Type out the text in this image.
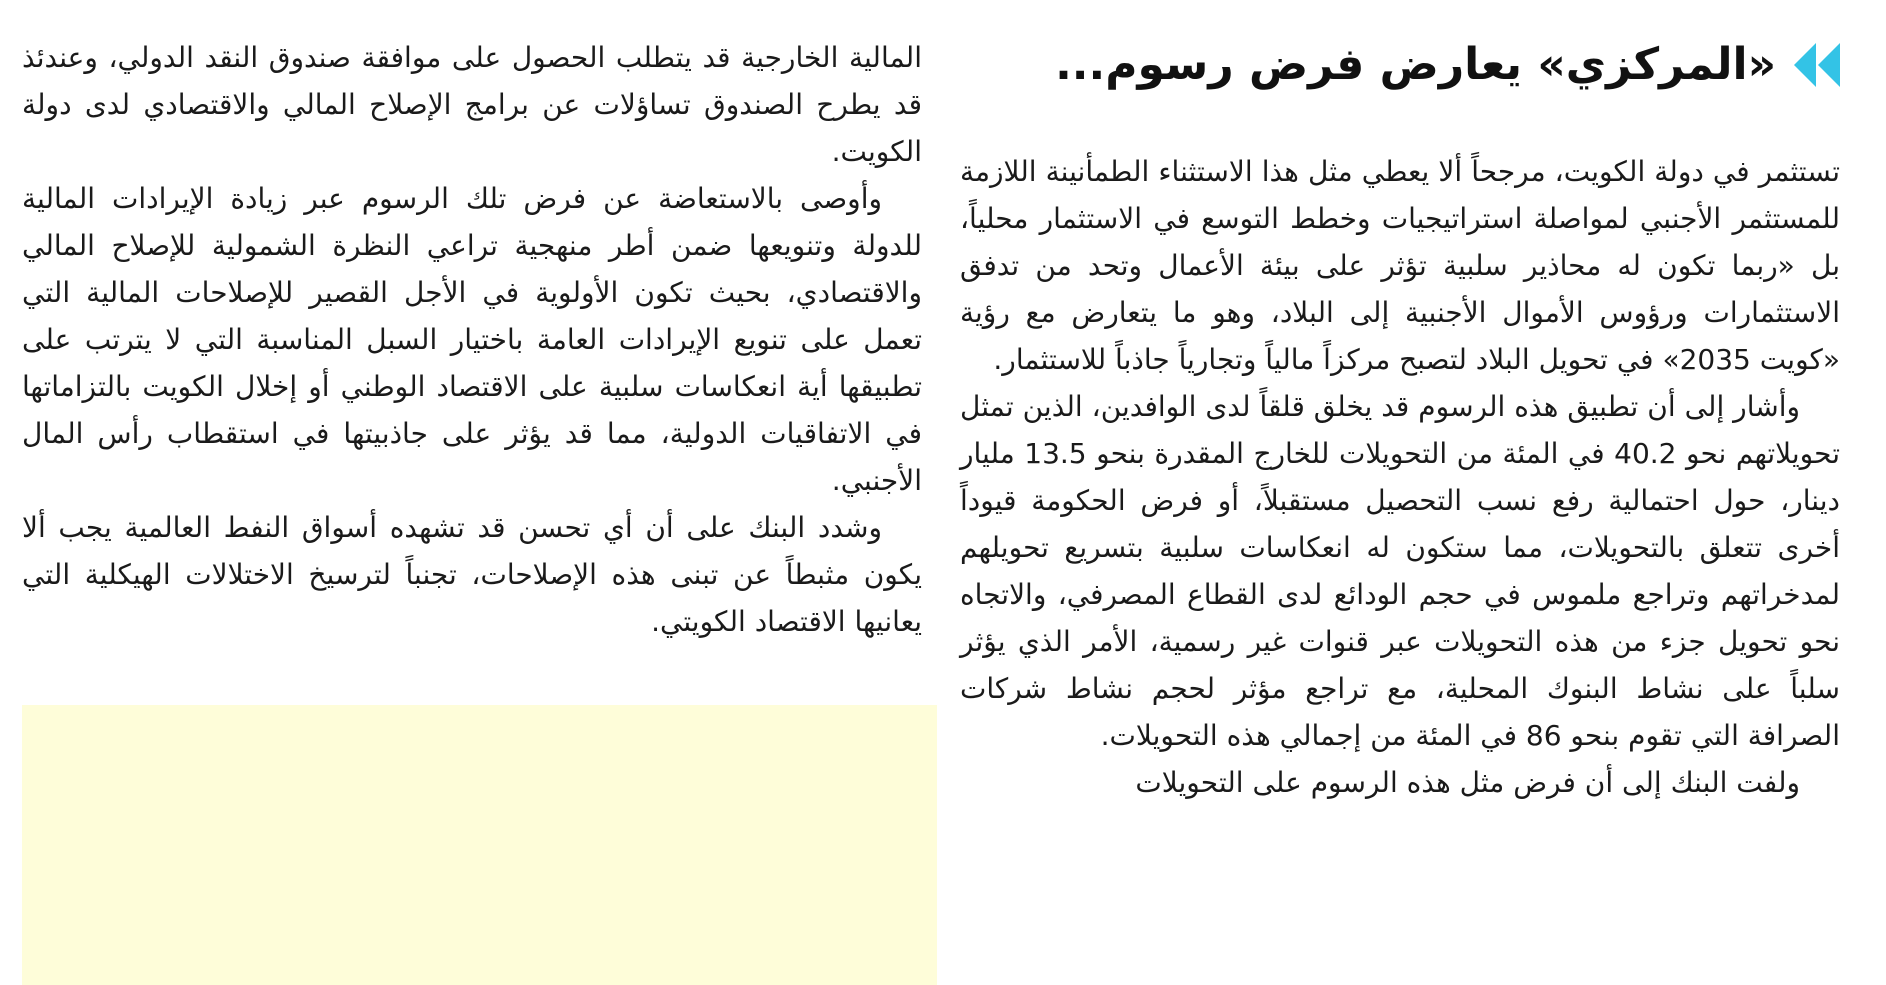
«المركزي» يعارض فرض رسوم...

تستثمر في دولة الكويت، مرجحاً ألا يعطي مثل هذا الاستثناء الطمأنينة اللازمة للمستثمر الأجنبي لمواصلة استراتيجيات وخطط التوسع في الاستثمار محلياً، بل «ربما تكون له محاذير سلبية تؤثر على بيئة الأعمال وتحد من تدفق الاستثمارات ورؤوس الأموال الأجنبية إلى البلاد، وهو ما يتعارض مع رؤية «كويت 2035» في تحويل البلاد لتصبح مركزاً مالياً وتجارياً جاذباً للاستثمار.

وأشار إلى أن تطبيق هذه الرسوم قد يخلق قلقاً لدى الوافدين، الذين تمثل تحويلاتهم نحو 40.2 في المئة من التحويلات للخارج المقدرة بنحو 13.5 مليار دينار، حول احتمالية رفع نسب التحصيل مستقبلاً، أو فرض الحكومة قيوداً أخرى تتعلق بالتحويلات، مما ستكون له انعكاسات سلبية بتسريع تحويلهم لمدخراتهم وتراجع ملموس في حجم الودائع لدى القطاع المصرفي، والاتجاه نحو تحويل جزء من هذه التحويلات عبر قنوات غير رسمية، الأمر الذي يؤثر سلباً على نشاط البنوك المحلية، مع تراجع مؤثر لحجم نشاط شركات الصرافة التي تقوم بنحو 86 في المئة من إجمالي هذه التحويلات.

ولفت البنك إلى أن فرض مثل هذه الرسوم على التحويلات

المالية الخارجية قد يتطلب الحصول على موافقة صندوق النقد الدولي، وعندئذ قد يطرح الصندوق تساؤلات عن برامج الإصلاح المالي والاقتصادي لدى دولة الكويت.

وأوصى بالاستعاضة عن فرض تلك الرسوم عبر زيادة الإيرادات المالية للدولة وتنويعها ضمن أطر منهجية تراعي النظرة الشمولية للإصلاح المالي والاقتصادي، بحيث تكون الأولوية في الأجل القصير للإصلاحات المالية التي تعمل على تنويع الإيرادات العامة باختيار السبل المناسبة التي لا يترتب على تطبيقها أية انعكاسات سلبية على الاقتصاد الوطني أو إخلال الكويت بالتزاماتها في الاتفاقيات الدولية، مما قد يؤثر على جاذبيتها في استقطاب رأس المال الأجنبي.

وشدد البنك على أن أي تحسن قد تشهده أسواق النفط العالمية يجب ألا يكون مثبطاً عن تبنى هذه الإصلاحات، تجنباً لترسيخ الاختلالات الهيكلية التي يعانيها الاقتصاد الكويتي.
